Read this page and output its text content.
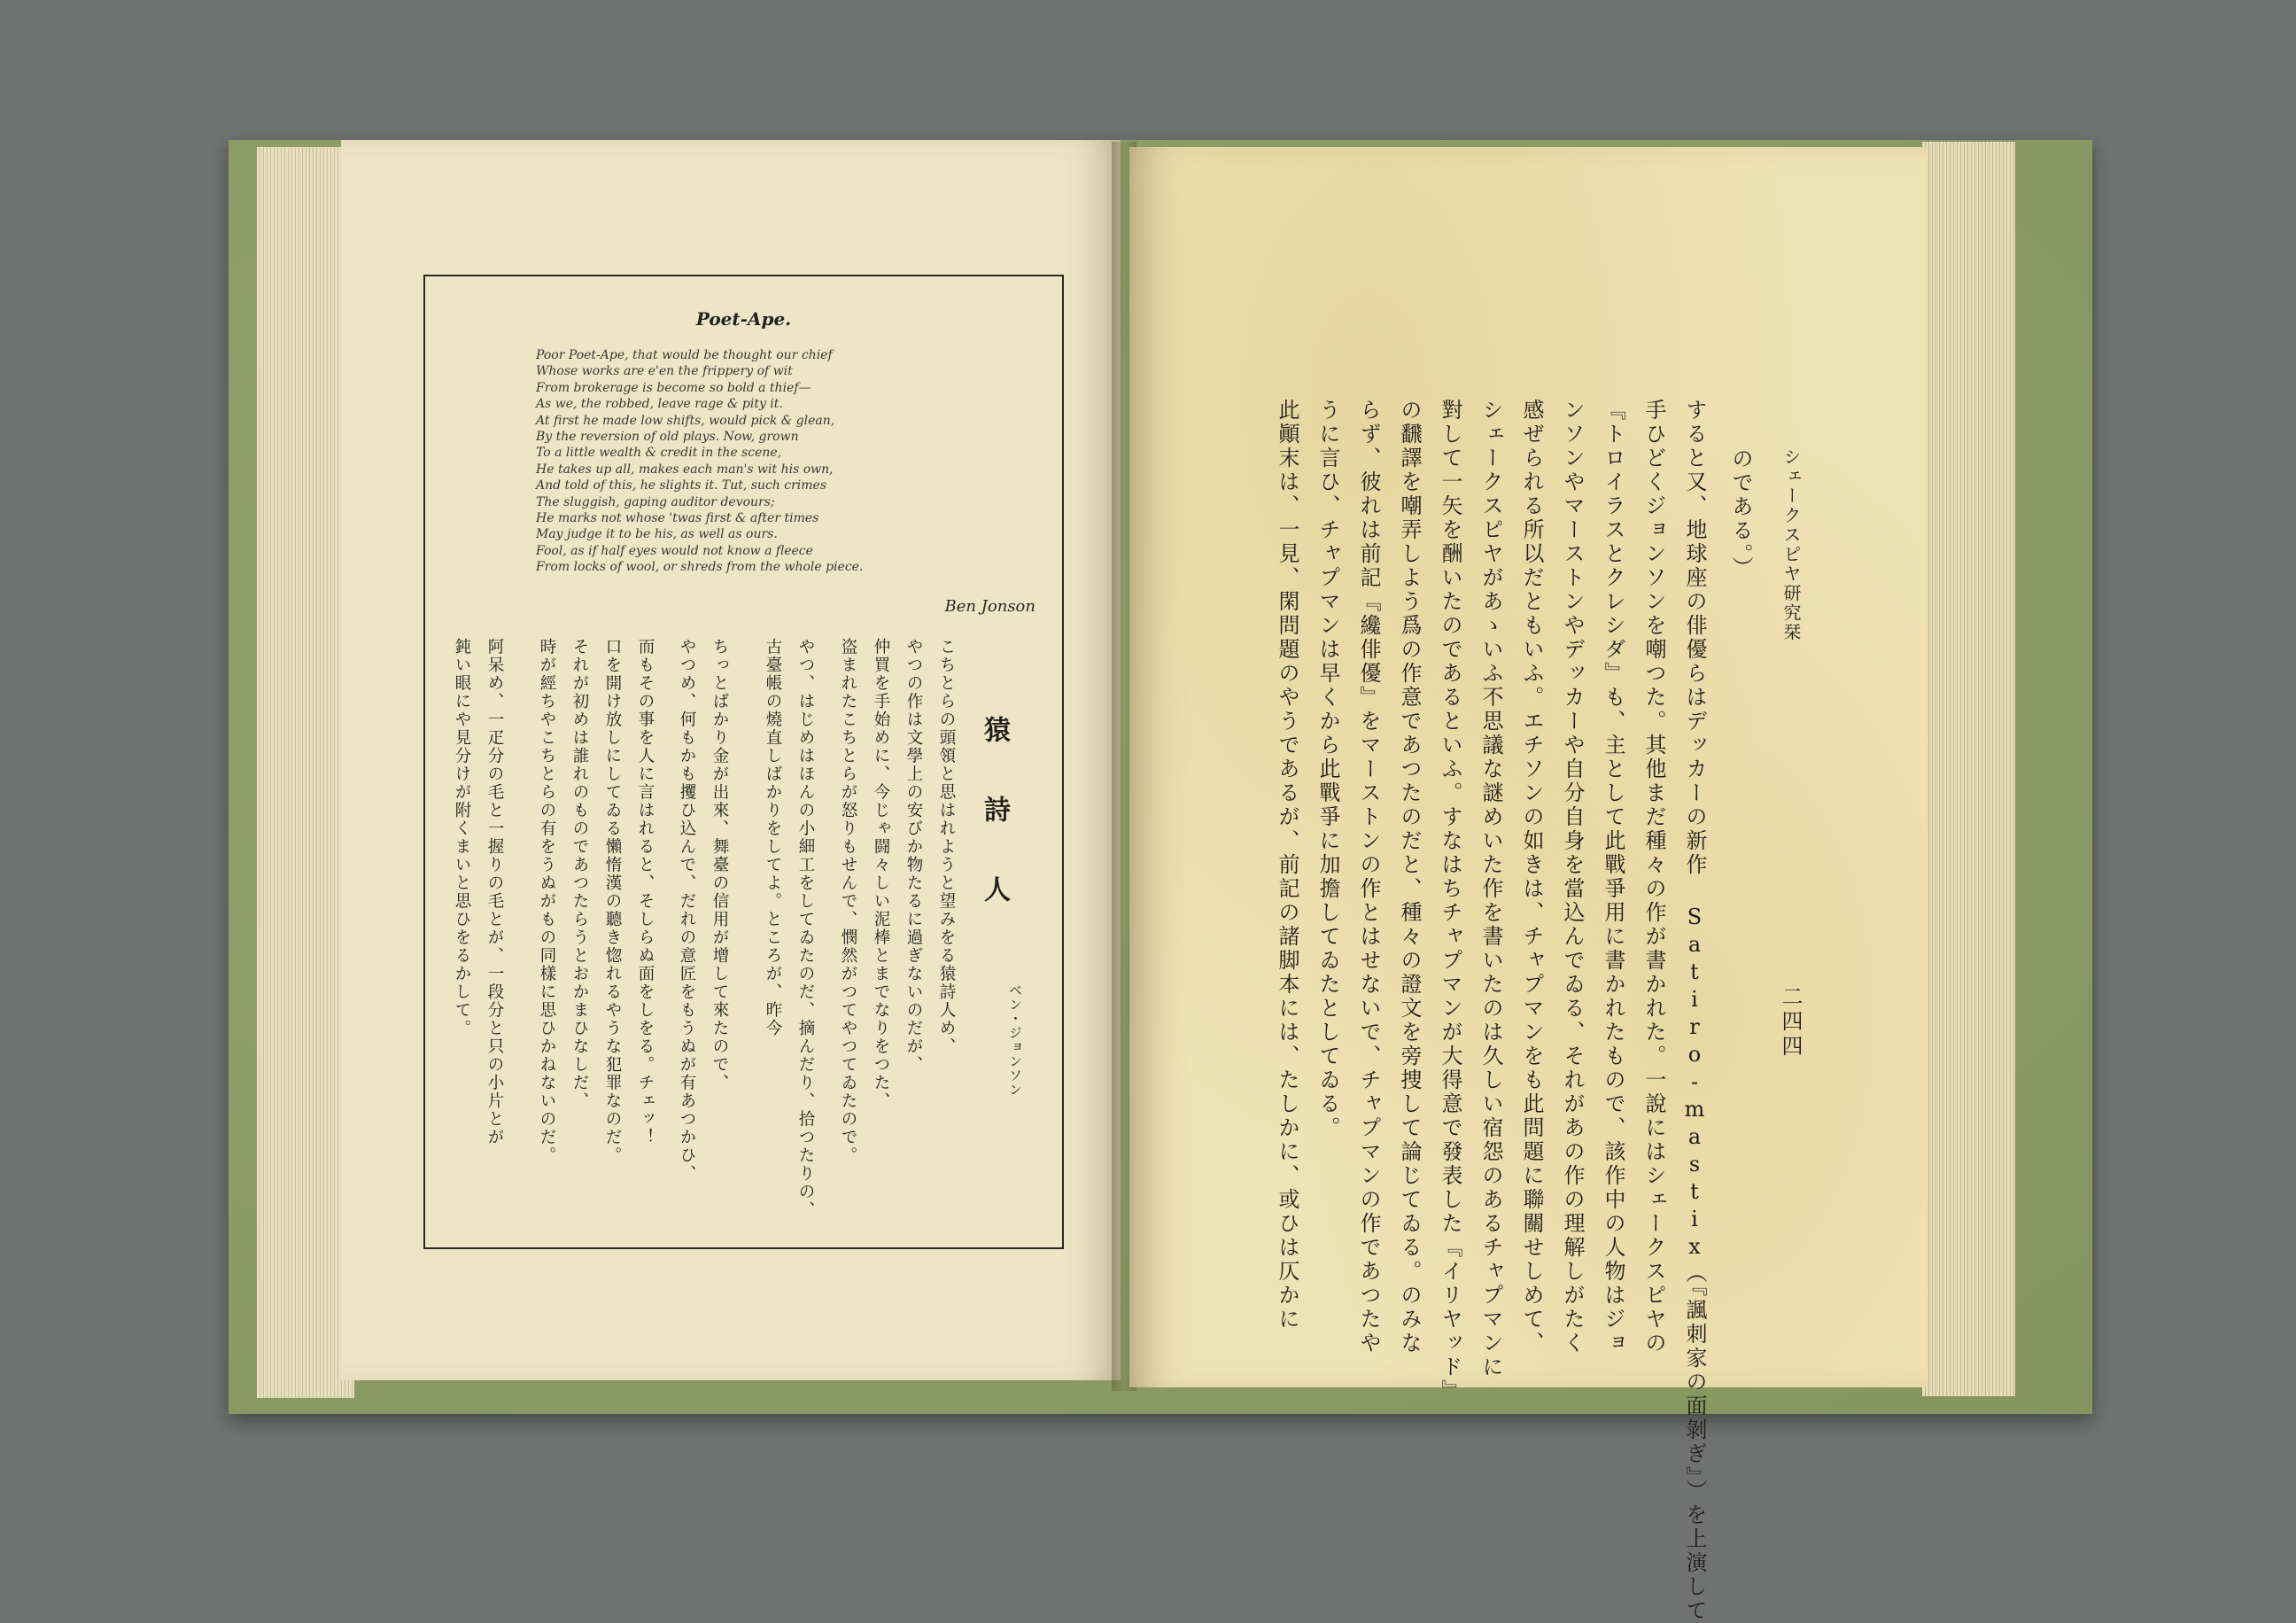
Poet-Ape.
Poor Poet-Ape, that would be thought our chief
Whose works are e'en the frippery of wit
From brokerage is become so bold a thief—
As we, the robbed, leave rage & pity it.
At first he made low shifts, would pick & glean,
By the reversion of old plays. Now, grown
To a little wealth & credit in the scene,
He takes up all, makes each man's wit his own,
And told of this, he slights it. Tut, such crimes
The sluggish, gaping auditor devours;
He marks not whose 'twas first & after times
May judge it to be his, as well as ours.
Fool, as if half eyes would not know a fleece
From locks of wool, or shreds from the whole piece.
Ben Jonson
猿詩人
ベン・ジョンソン
こちとらの頭領と思はれようと望みをる猿詩人め、
やつの作は文學上の安びか物たるに過ぎないのだが、
仲買を手始めに、今じゃ闘々しい泥棒とまでなりをつた、
盗まれたこちとらが怒りもせんで、憫然がつてやつてゐたので。
やつ、はじめはほんの小細工をしてゐたのだ、摘んだり、拾つたりの、
古臺帳の燒直しばかりをしてよ。ところが、昨今
ちっとばかり金が出來、舞臺の信用が增して來たので、
やつめ、何もかも攫ひ込んで、だれの意匠をもうぬが有あつかひ、
而もその事を人に言はれると、そしらぬ面をしをる。チェッ！
口を開け放しにしてゐる懶惰漢の聽き惚れるやうな犯罪なのだ。
それが初めは誰れのものであつたらうとおかまひなしだ、
時が經ちやこちとらの有をうぬがもの同樣に思ひかねないのだ。
阿呆め、一疋分の毛と一握りの毛とが、一段分と只の小片とが
鈍い眼にや見分けが附くまいと思ひをるかして。
シェークスピヤ研究栞
二四四
のである。）
すると又、地球座の俳優らはデッカーの新作 Satiro-mastix（『諷刺家の面剝ぎ』）を上演して
手ひどくジョンソンを嘲つた。其他まだ種々の作が書かれた。一說にはシェークスピヤの
『トロイラスとクレシダ』も、主として此戰爭用に書かれたもので、該作中の人物はジョ
ンソンやマーストンやデッカーや自分自身を當込んでゐる、それがあの作の理解しがたく
感ぜられる所以だともいふ。エチソンの如きは、チャプマンをも此問題に聯關せしめて、
シェークスピヤがあゝいふ不思議な謎めいた作を書いたのは久しい宿怨のあるチャプマンに
對して一矢を酬いたのであるといふ。すなはちチャプマンが大得意で發表した『イリヤッド』
の飜譯を嘲弄しよう爲の作意であつたのだと、種々の證文を旁捜して論じてゐる。のみな
らず、彼れは前記『纔俳優』をマーストンの作とはせないで、チャプマンの作であつたや
うに言ひ、チャプマンは早くから此戰爭に加擔してゐたとしてゐる。
此顚末は、一見、閑問題のやうであるが、前記の諸脚本には、たしかに、或ひは仄かに
